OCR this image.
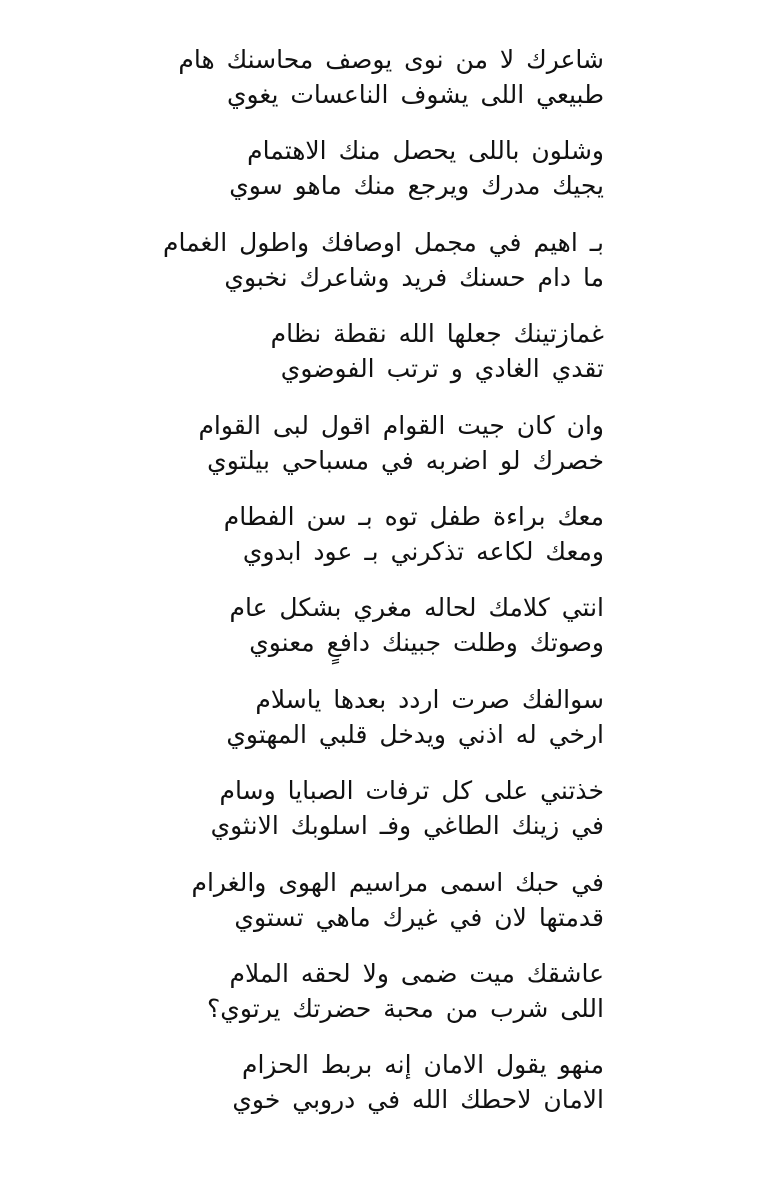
شاعرك لا من نوى يوصف محاسنك هام
طبيعي اللى يشوف الناعسات يغوي
وشلون باللى يحصل منك الاهتمام
يجيك مدرك ويرجع منك ماهو سوي
بـ اهيم في مجمل اوصافك واطول الغمام
ما دام حسنك فريد وشاعرك نخبوي
غمازتينك جعلها الله نقطة نظام
تقدي الغادي و ترتب الفوضوي
وان كان جيت القوام اقول لبى القوام
خصرك لو اضربه في مسباحي بيلتوي
معك براءة طفل توه بـ سن الفطام
ومعك لكاعه تذكرني بـ عود ابدوي
انتي كلامك لحاله مغري بشكل عام
وصوتك وطلت جبينك دافعٍ معنوي
سوالفك صرت اردد بعدها ياسلام
ارخي له اذني ويدخل قلبي المهتوي
خذتني على كل ترفات الصبايا وسام
في زينك الطاغي وفـ اسلوبك الانثوي
في حبك اسمى مراسيم الهوى والغرام
قدمتها لان في غيرك ماهي تستوي
عاشقك ميت ضمى ولا لحقه الملام
اللى شرب من محبة حضرتك يرتوي؟
منهو يقول الامان إنه بربط الحزام
الامان لاحطك الله في دروبي خوي
